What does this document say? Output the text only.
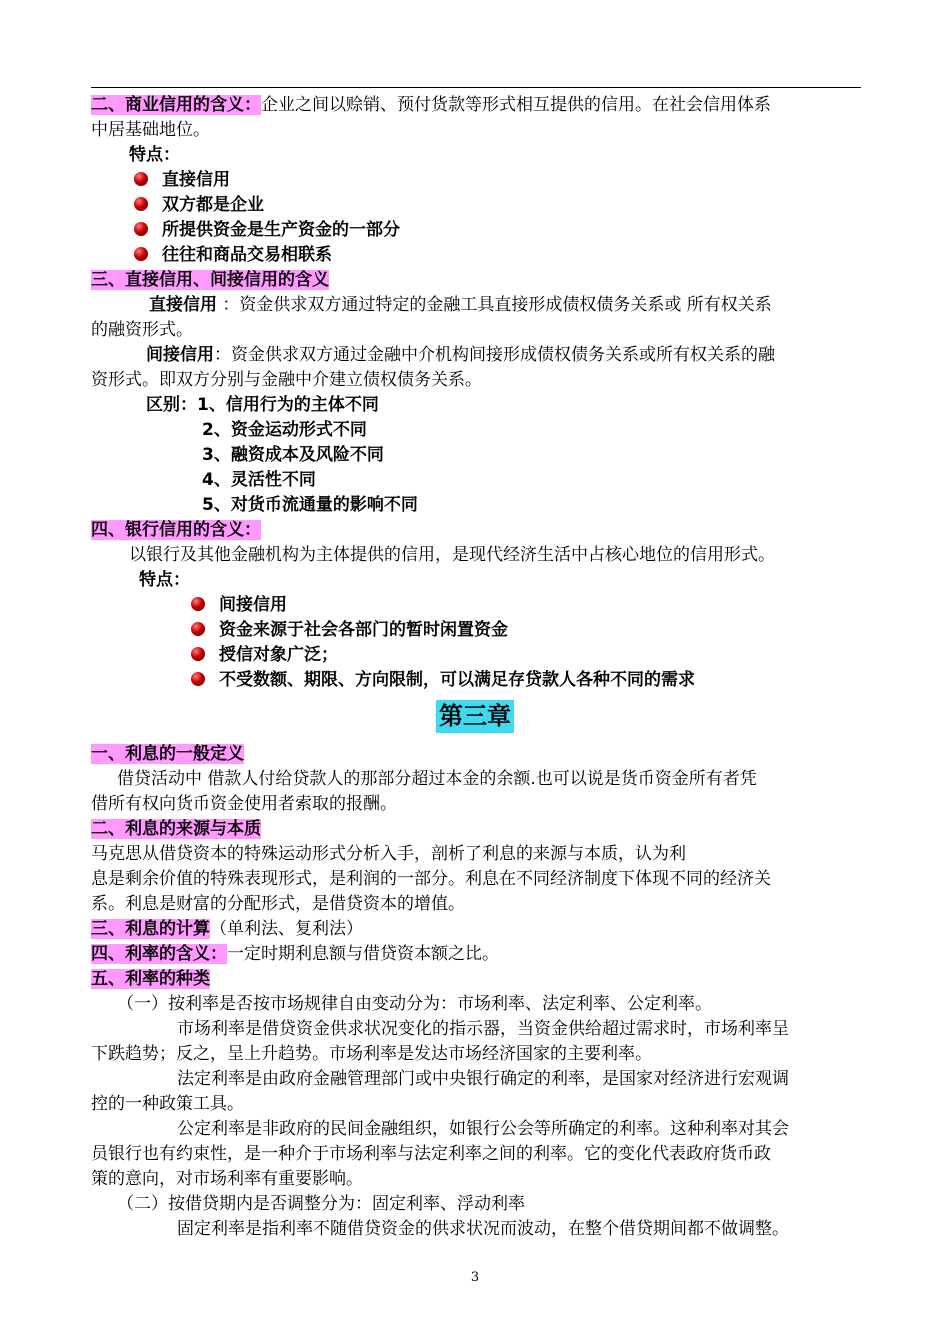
二、商业信用的含义：企业之间以赊销、预付货款等形式相互提供的信用。在社会信用体系
中居基础地位。
特点：
直接信用
双方都是企业
所提供资金是生产资金的一部分
往往和商品交易相联系
三、直接信用、间接信用的含义
直接信用 ：资金供求双方通过特定的金融工具直接形成债权债务关系或 所有权关系
的融资形式。
间接信用：资金供求双方通过金融中介机构间接形成债权债务关系或所有权关系的融
资形式。即双方分别与金融中介建立债权债务关系。
区别：1、信用行为的主体不同
2、资金运动形式不同
3、融资成本及风险不同
4、灵活性不同
5、对货币流通量的影响不同
四、银行信用的含义：
以银行及其他金融机构为主体提供的信用，是现代经济生活中占核心地位的信用形式。
特点：
间接信用
资金来源于社会各部门的暂时闲置资金
授信对象广泛；
不受数额、期限、方向限制，可以满足存贷款人各种不同的需求
第三章
一、利息的一般定义
借贷活动中 借款人付给贷款人的那部分超过本金的余额.也可以说是货币资金所有者凭
借所有权向货币资金使用者索取的报酬。
二、利息的来源与本质
马克思从借贷资本的特殊运动形式分析入手，剖析了利息的来源与本质，认为利
息是剩余价值的特殊表现形式，是利润的一部分。利息在不同经济制度下体现不同的经济关
系。利息是财富的分配形式，是借贷资本的增值。
三、利息的计算（单利法、复利法）
四、利率的含义：一定时期利息额与借贷资本额之比。
五、利率的种类
（一）按利率是否按市场规律自由变动分为：市场利率、法定利率、公定利率。
市场利率是借贷资金供求状况变化的指示器，当资金供给超过需求时，市场利率呈
下跌趋势；反之，呈上升趋势。市场利率是发达市场经济国家的主要利率。
法定利率是由政府金融管理部门或中央银行确定的利率，是国家对经济进行宏观调
控的一种政策工具。
公定利率是非政府的民间金融组织，如银行公会等所确定的利率。这种利率对其会
员银行也有约束性，是一种介于市场利率与法定利率之间的利率。它的变化代表政府货币政
策的意向，对市场利率有重要影响。
（二）按借贷期内是否调整分为：固定利率、浮动利率
固定利率是指利率不随借贷资金的供求状况而波动，在整个借贷期间都不做调整。
3
